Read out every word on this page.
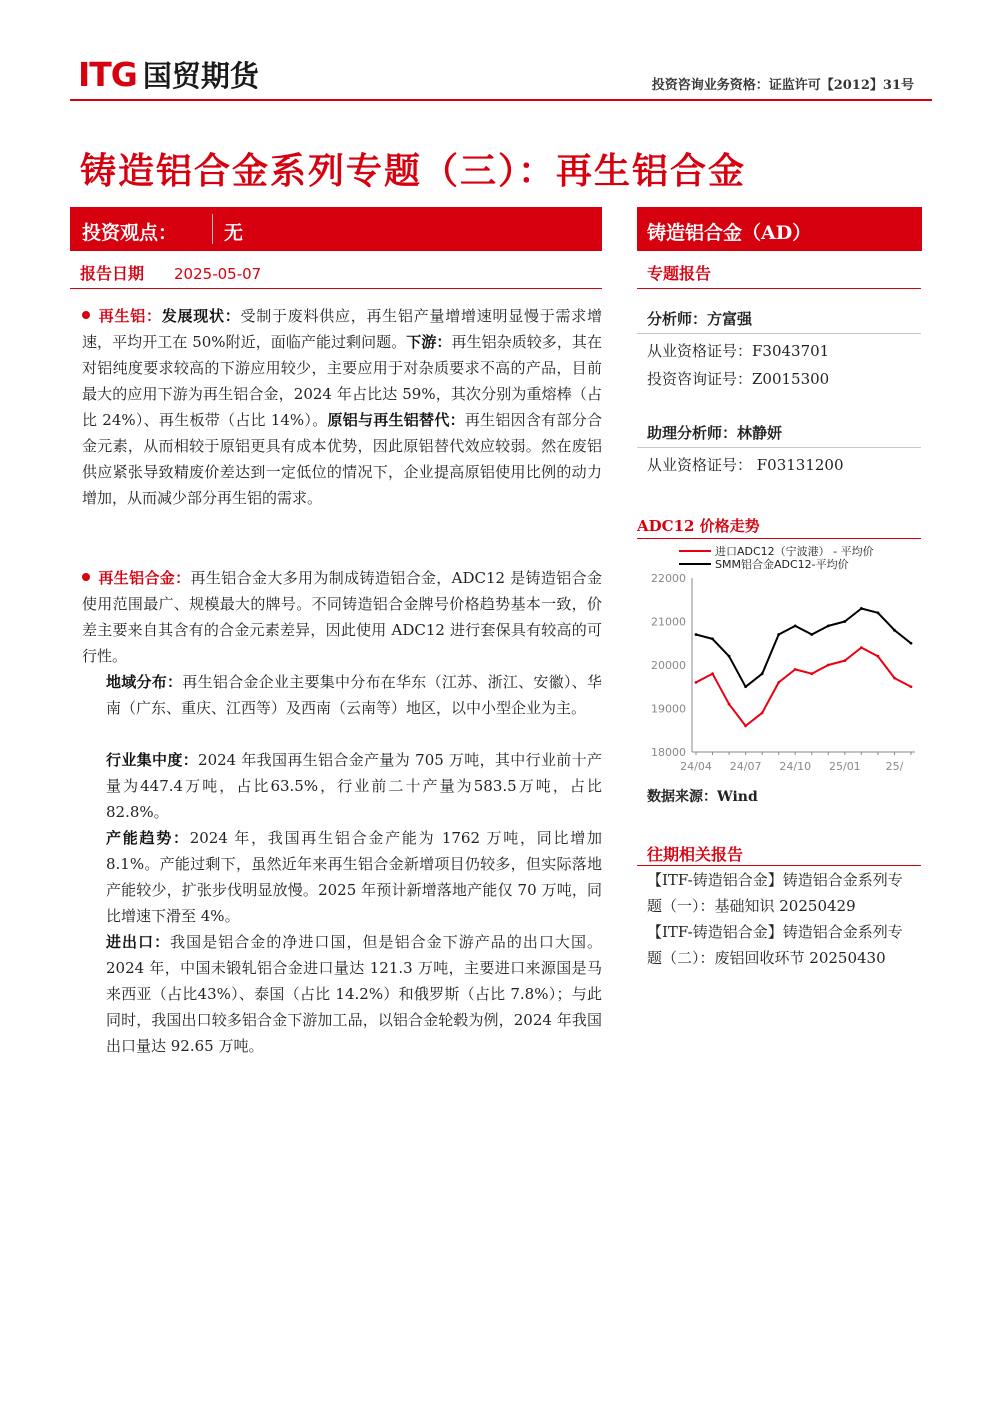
ITG 国贸期货	投资咨询业务资格：证监许可【2012】31号
铸造铝合金系列专题（三）：再生铝合金
投资观点： 无
报告日期 2025-05-07
再生铝：发展现状：受制于废料供应，再生铝产量增增速明显慢于需求增速，平均开工在 50%附近，面临产能过剩问题。下游：再生铝杂质较多，其在对铝纯度要求较高的下游应用较少，主要应用于对杂质要求不高的产品，目前最大的应用下游为再生铝合金，2024 年占比达 59%，其次分别为重熔棒（占比 24%）、再生板带（占比 14%）。原铝与再生铝替代：再生铝因含有部分合金元素，从而相较于原铝更具有成本优势，因此原铝替代效应较弱。然在废铝供应紧张导致精废价差达到一定低位的情况下，企业提高原铝使用比例的动力增加，从而减少部分再生铝的需求。
再生铝合金：再生铝合金大多用为制成铸造铝合金，ADC12 是铸造铝合金使用范围最广、规模最大的牌号。不同铸造铝合金牌号价格趋势基本一致，价差主要来自其含有的合金元素差异，因此使用 ADC12 进行套保具有较高的可行性。
地域分布：再生铝合金企业主要集中分布在华东（江苏、浙江、安徽）、华南（广东、重庆、江西等）及西南（云南等）地区，以中小型企业为主。
行业集中度：2024 年我国再生铝合金产量为 705 万吨，其中行业前十产量为447.4万吨，占比63.5%，行业前二十产量为583.5万吨，占比82.8%。
产能趋势：2024 年，我国再生铝合金产能为 1762 万吨，同比增加 8.1%。产能过剩下，虽然近年来再生铝合金新增项目仍较多，但实际落地产能较少，扩张步伐明显放慢。2025 年预计新增落地产能仅 70 万吨，同比增速下滑至 4%。
进出口：我国是铝合金的净进口国，但是铝合金下游产品的出口大国。2024 年，中国未锻轧铝合金进口量达 121.3 万吨，主要进口来源国是马来西亚（占比43%）、泰国（占比 14.2%）和俄罗斯（占比 7.8%）；与此同时，我国出口较多铝合金下游加工品，以铝合金轮毂为例，2024 年我国出口量达 92.65 万吨。
铸造铝合金（AD）
专题报告
分析师：方富强
从业资格证号：F3043701
投资咨询证号：Z0015300
助理分析师：林静妍
从业资格证号： F03131200
ADC12 价格走势
进口ADC12（宁波港） - 平均价
SMM铝合金ADC12-平均价
18000
19000
20000
21000
22000
24/04 24/07 24/10 25/01 25/
数据来源：Wind
往期相关报告
【ITF-铸造铝合金】铸造铝合金系列专题（一）：基础知识 20250429
【ITF-铸造铝合金】铸造铝合金系列专题（二）：废铝回收环节 20250430
